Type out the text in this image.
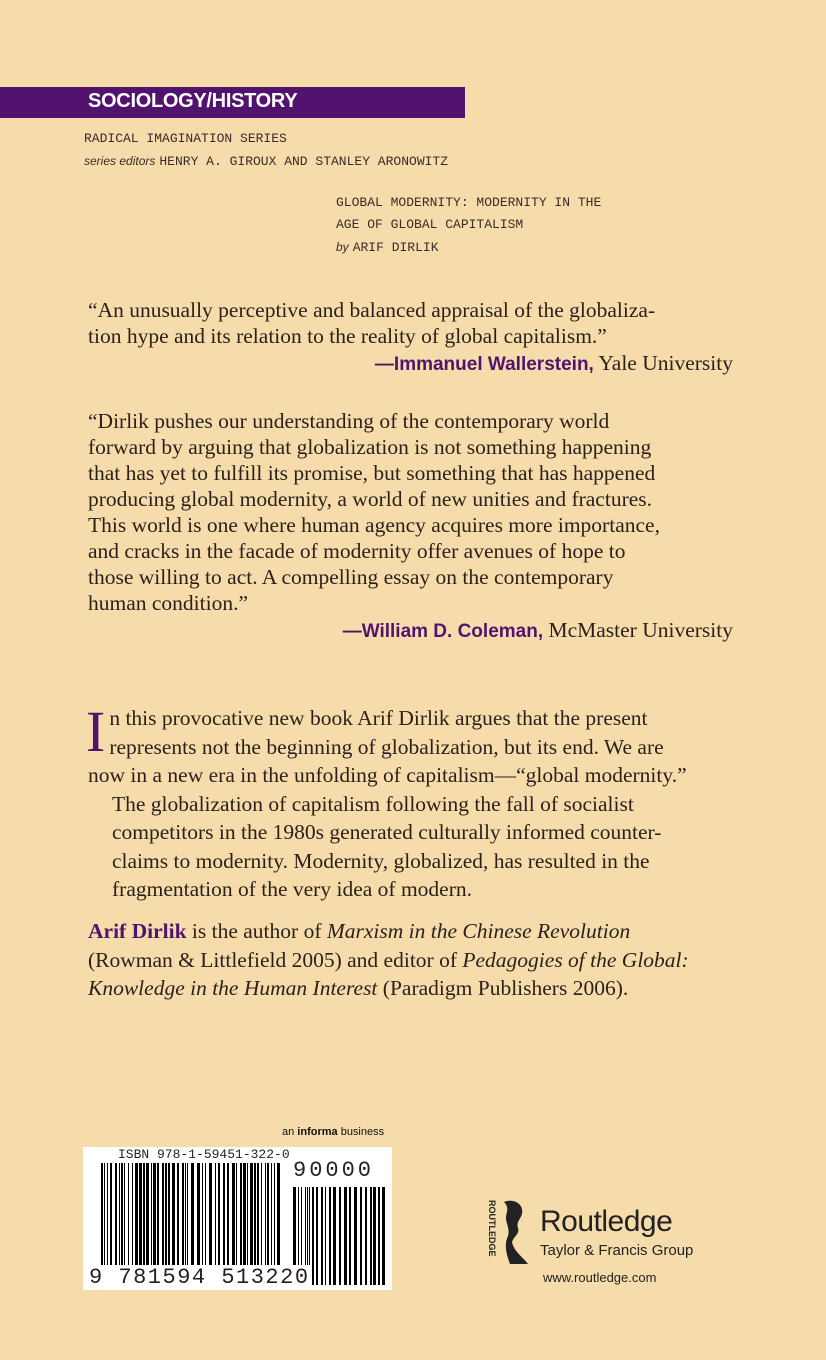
SOCIOLOGY/HISTORY
RADICAL IMAGINATION SERIES
series editors HENRY A. GIROUX AND STANLEY ARONOWITZ
GLOBAL MODERNITY: MODERNITY IN THE
AGE OF GLOBAL CAPITALISM
by ARIF DIRLIK
“An unusually perceptive and balanced appraisal of the globaliza-
tion hype and its relation to the reality of global capitalism.”
—Immanuel Wallerstein, Yale University
“Dirlik pushes our understanding of the contemporary world
forward by arguing that globalization is not something happening
that has yet to fulfill its promise, but something that has happened
producing global modernity, a world of new unities and fractures.
This world is one where human agency acquires more importance,
and cracks in the facade of modernity offer avenues of hope to
those willing to act. A compelling essay on the contemporary
human condition.”
—William D. Coleman, McMaster University
I n this provocative new book Arif Dirlik argues that the present
represents not the beginning of globalization, but its end. We are
now in a new era in the unfolding of capitalism—“global modernity.”
The globalization of capitalism following the fall of socialist
competitors in the 1980s generated culturally informed counter-
claims to modernity. Modernity, globalized, has resulted in the
fragmentation of the very idea of modern.
Arif Dirlik is the author of Marxism in the Chinese Revolution
(Rowman & Littlefield 2005) and editor of Pedagogies of the Global:
Knowledge in the Human Interest (Paradigm Publishers 2006).
an informa business
ISBN 978-1-59451-322-0
90000
9 781594 513220
ROUTLEDGE Routledge
Taylor & Francis Group
www.routledge.com
